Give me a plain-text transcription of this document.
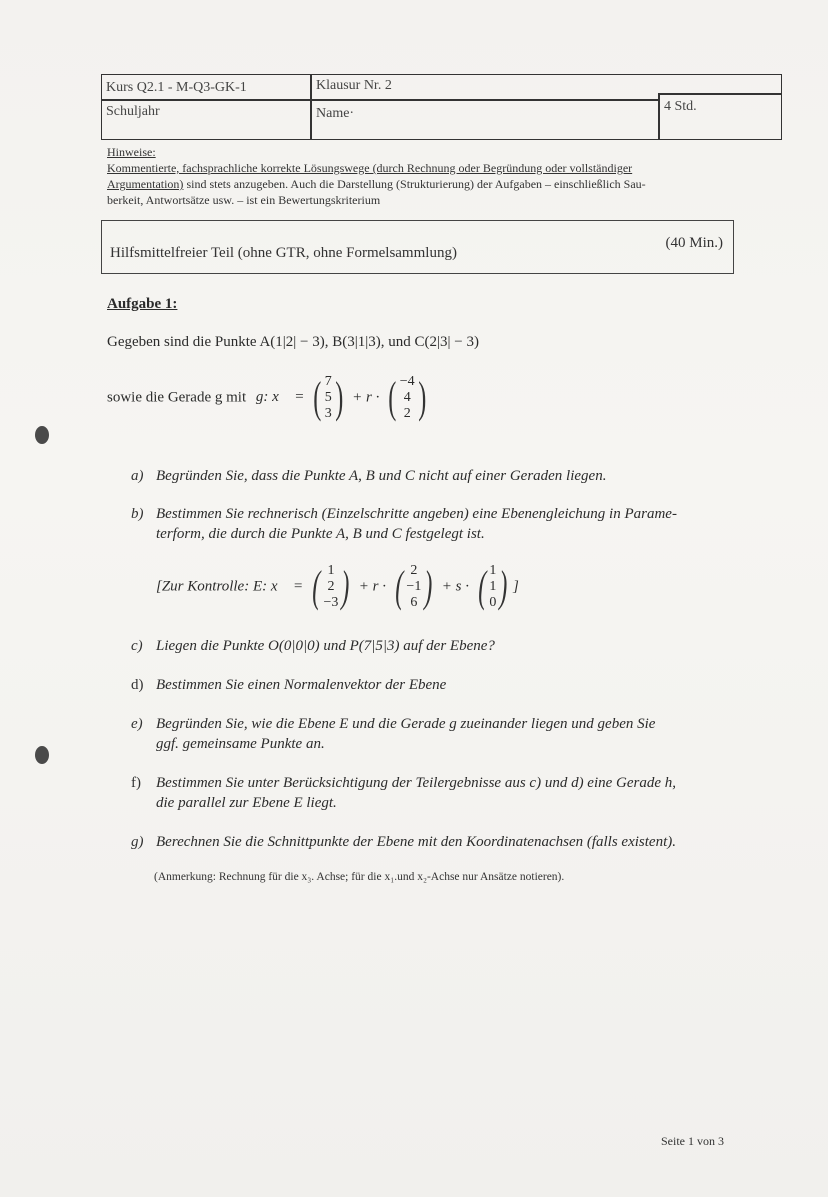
Kurs Q2.1 - M-Q3-GK-1	Klausur Nr. 2
Schuljahr	Name·	4 Std.
Hinweise:
Kommentierte, fachsprachliche korrekte Lösungswege (durch Rechnung oder Begründung oder vollständiger
Argumentation) sind stets anzugeben. Auch die Darstellung (Strukturierung) der Aufgaben – einschließlich Sau-
berkeit, Antwortsätze usw. – ist ein Bewertungskriterium
Hilfsmittelfreier Teil (ohne GTR, ohne Formelsammlung)
(40 Min.)
Aufgabe 1:
Gegeben sind die Punkte A(1|2| − 3), B(3|1|3), und C(2|3| − 3)
sowie die Gerade g mit g: x⃗ = ( 7
5
3 ) + r · ( −4
4
2 )
a) Begründen Sie, dass die Punkte A, B und C nicht auf einer Geraden liegen.
b) Bestimmen Sie rechnerisch (Einzelschritte angeben) eine Ebenengleichung in Parame-
terform, die durch die Punkte A, B und C festgelegt ist.
[Zur Kontrolle: E: x⃗ = ( 1
2
−3 ) + r · ( 2
−1
6 ) + s · ( 1
1
0 ) ]
c) Liegen die Punkte O(0|0|0) und P(7|5|3) auf der Ebene?
d) Bestimmen Sie einen Normalenvektor der Ebene
e) Begründen Sie, wie die Ebene E und die Gerade g zueinander liegen und geben Sie
ggf. gemeinsame Punkte an.
f) Bestimmen Sie unter Berücksichtigung der Teilergebnisse aus c) und d) eine Gerade h,
die parallel zur Ebene E liegt.
g) Berechnen Sie die Schnittpunkte der Ebene mit den Koordinatenachsen (falls existent).
(Anmerkung: Rechnung für die x₃. Achse; für die x₁.und x₂-Achse nur Ansätze notieren).
Seite 1 von 3
